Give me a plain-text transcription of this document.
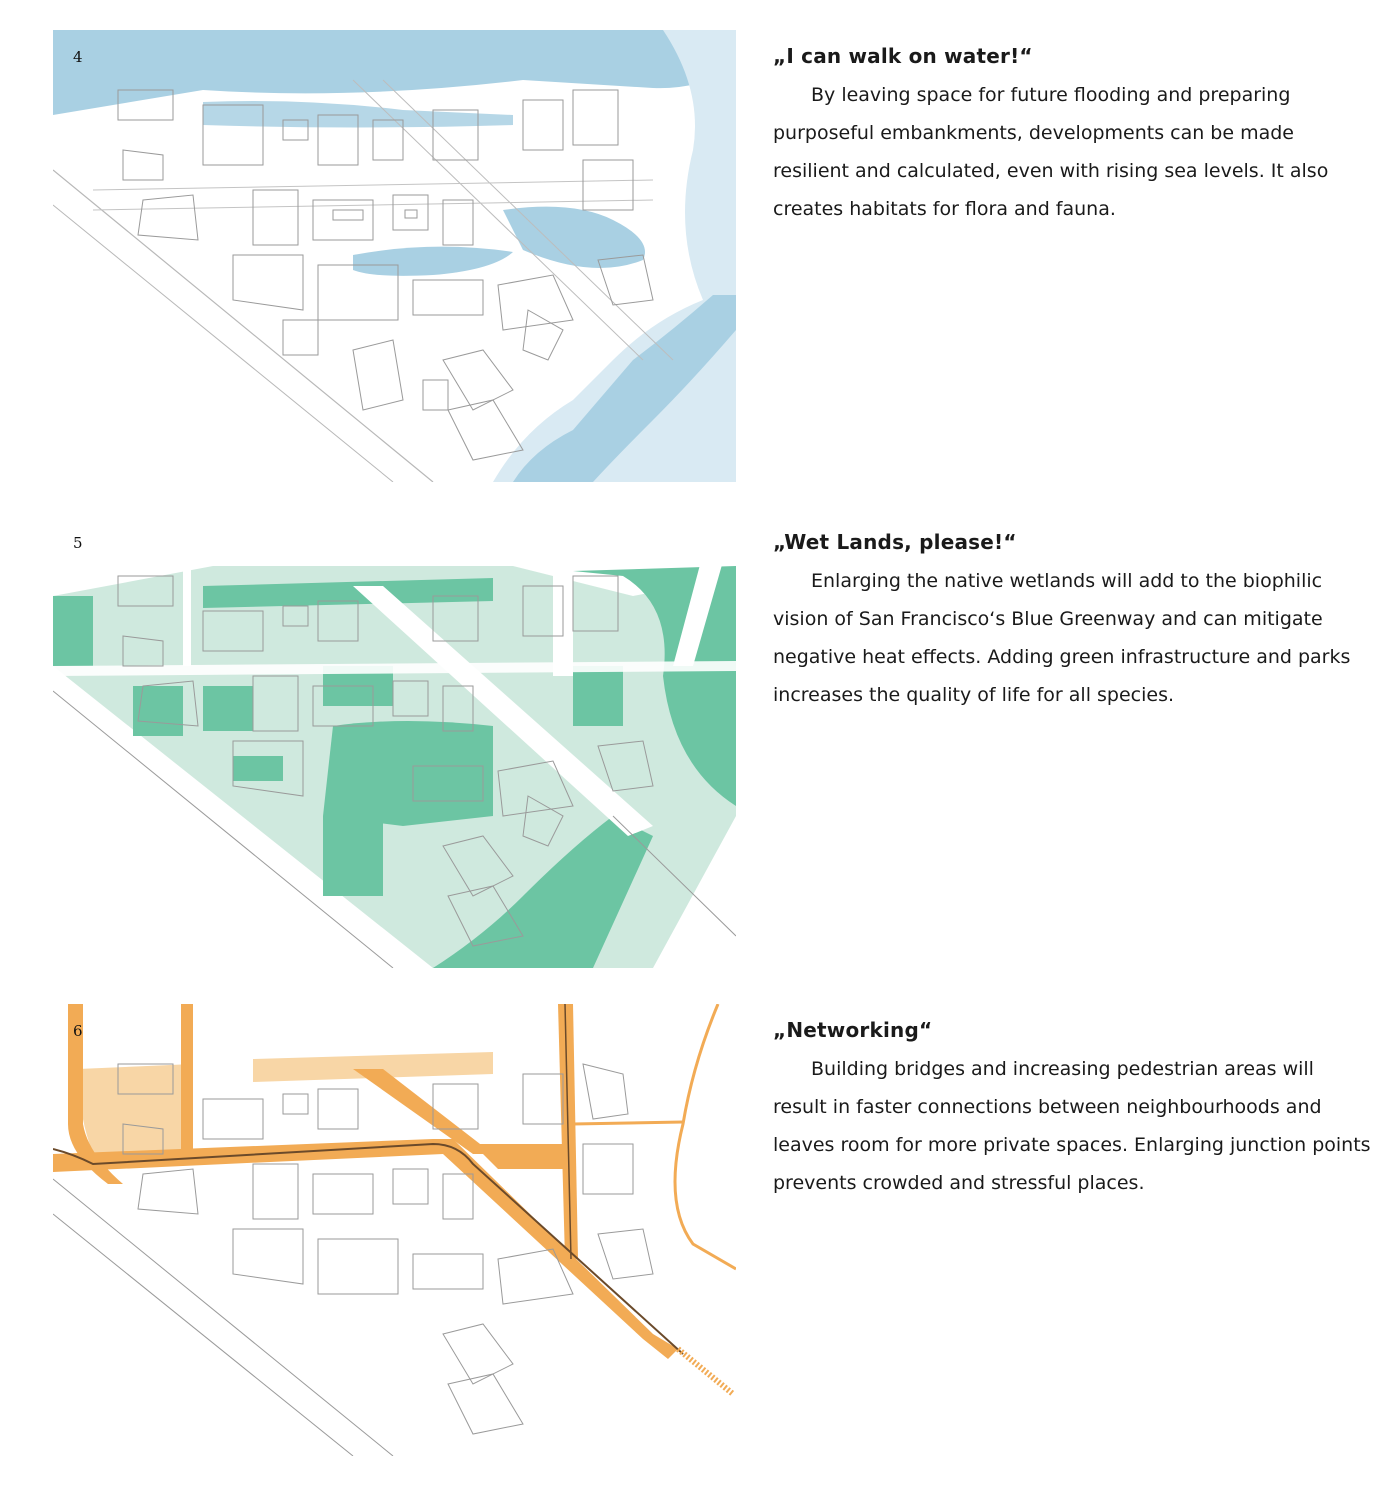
4	„I can walk on water!“

By leaving space for future flooding and preparing purposeful embankments, developments can be made resilient and calculated, even with rising sea levels. It also creates habitats for flora and fauna.

5	„Wet Lands, please!“

Enlarging the native wetlands will add to the biophilic vision of San Francisco‘s Blue Greenway and can mitigate negative heat effects. Adding green infrastructure and parks increases the quality of life for all species.

6	„Networking“

Building bridges and increasing pedestrian areas will result in faster connections between neighbourhoods and leaves room for more private spaces. Enlarging junction points prevents crowded and stressful places.
